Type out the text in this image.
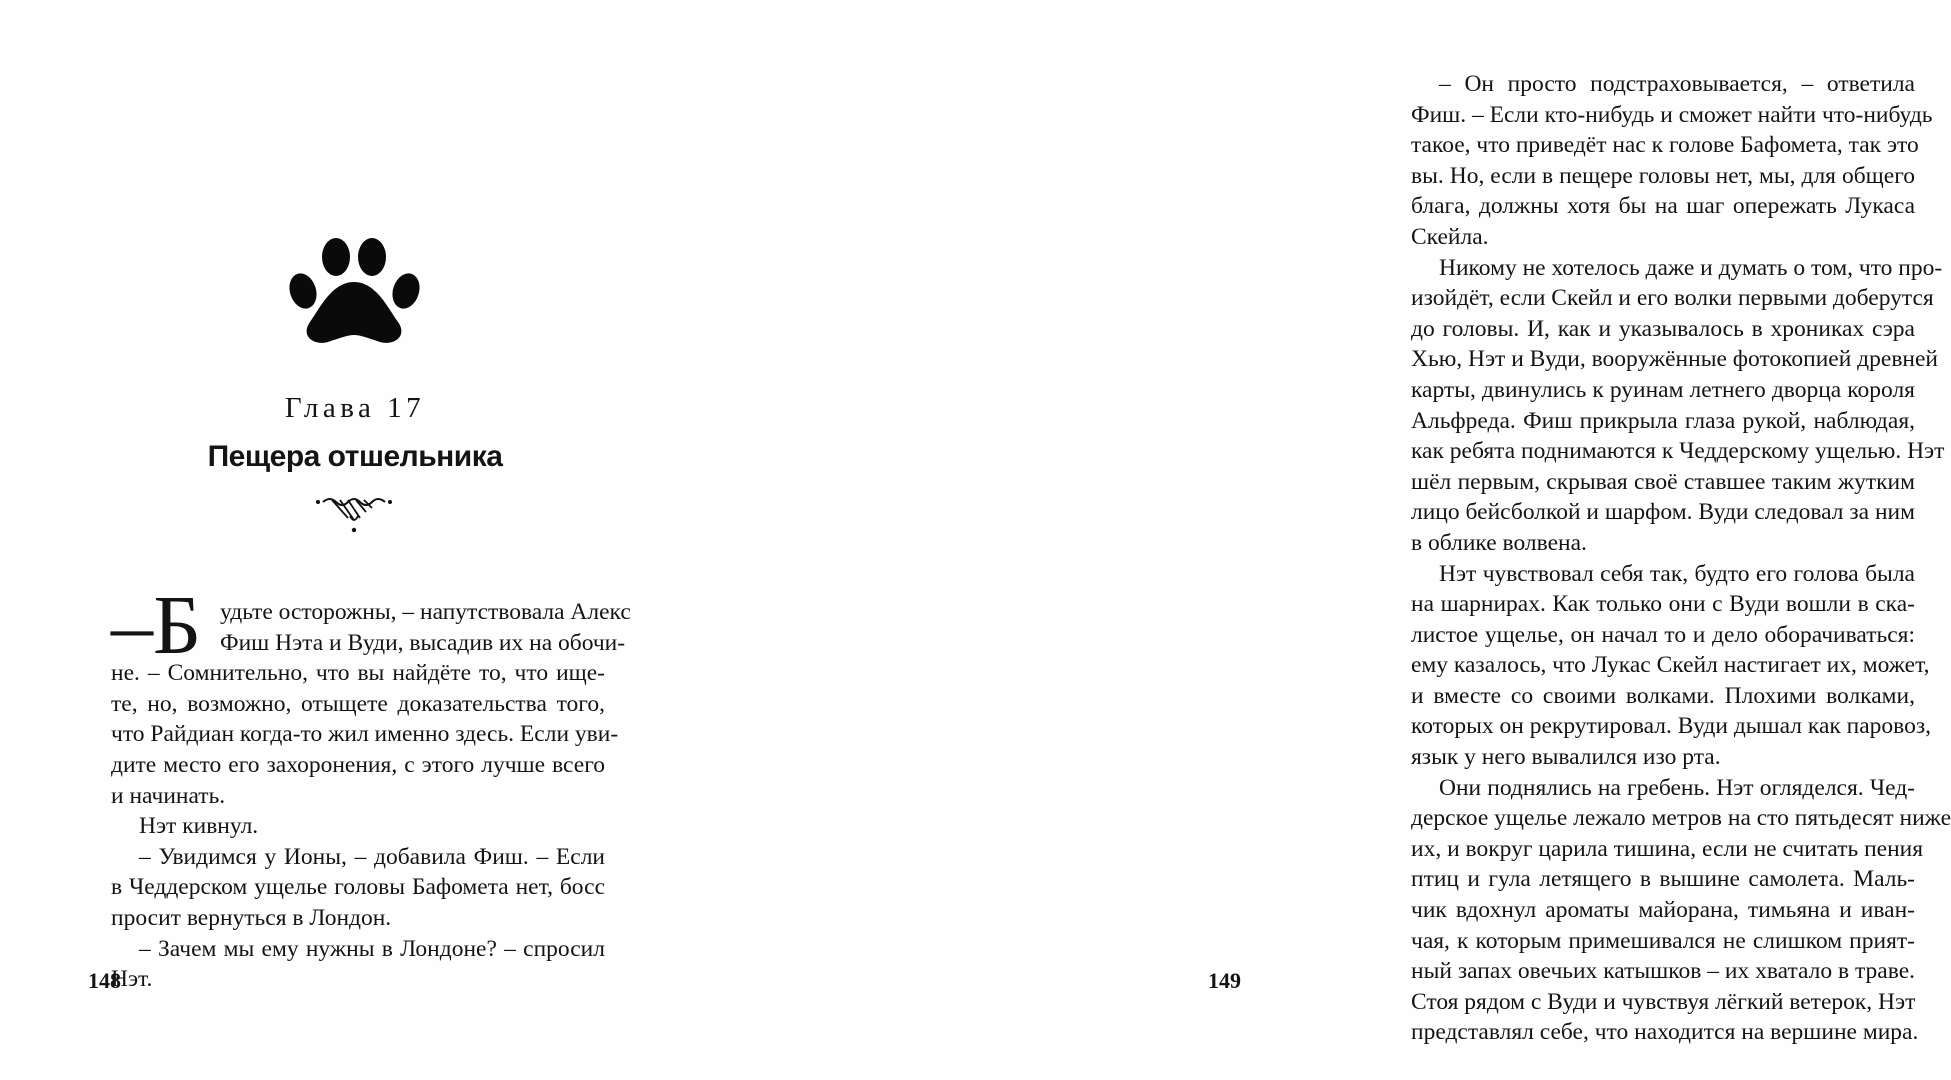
Глава 17
Пещера отшельника
–Б удьте осторожны, – напутствовала Алекс
Фиш Нэта и Вуди, высадив их на обочи-
не. – Сомнительно, что вы найдёте то, что ище-
те, но, возможно, отыщете доказательства того,
что Райдиан когда-то жил именно здесь. Если уви-
дите место его захоронения, с этого лучше всего
и начинать.
Нэт кивнул.
– Увидимся у Ионы, – добавила Фиш. – Если
в Чеддерском ущелье головы Бафомета нет, босс
просит вернуться в Лондон.
– Зачем мы ему нужны в Лондоне? – спросил
Нэт.
148
– Он просто подстраховывается, – ответила
Фиш. – Если кто-нибудь и сможет найти что-нибудь
такое, что приведёт нас к голове Бафомета, так это
вы. Но, если в пещере головы нет, мы, для общего
блага, должны хотя бы на шаг опережать Лукаса
Скейла.
Никому не хотелось даже и думать о том, что про-
изойдёт, если Скейл и его волки первыми доберутся
до головы. И, как и указывалось в хрониках сэра
Хью, Нэт и Вуди, вооружённые фотокопией древней
карты, двинулись к руинам летнего дворца короля
Альфреда. Фиш прикрыла глаза рукой, наблюдая,
как ребята поднимаются к Чеддерскому ущелью. Нэт
шёл первым, скрывая своё ставшее таким жутким
лицо бейсболкой и шарфом. Вуди следовал за ним
в облике волвена.
Нэт чувствовал себя так, будто его голова была
на шарнирах. Как только они с Вуди вошли в ска-
листое ущелье, он начал то и дело оборачиваться:
ему казалось, что Лукас Скейл настигает их, может,
и вместе со своими волками. Плохими волками,
которых он рекрутировал. Вуди дышал как паровоз,
язык у него вывалился изо рта.
Они поднялись на гребень. Нэт огляделся. Чед-
дерское ущелье лежало метров на сто пятьдесят ниже
их, и вокруг царила тишина, если не считать пения
птиц и гула летящего в вышине самолета. Маль-
чик вдохнул ароматы майорана, тимьяна и иван-
чая, к которым примешивался не слишком прият-
ный запах овечьих катышков – их хватало в траве.
Стоя рядом с Вуди и чувствуя лёгкий ветерок, Нэт
представлял себе, что находится на вершине мира.
149
